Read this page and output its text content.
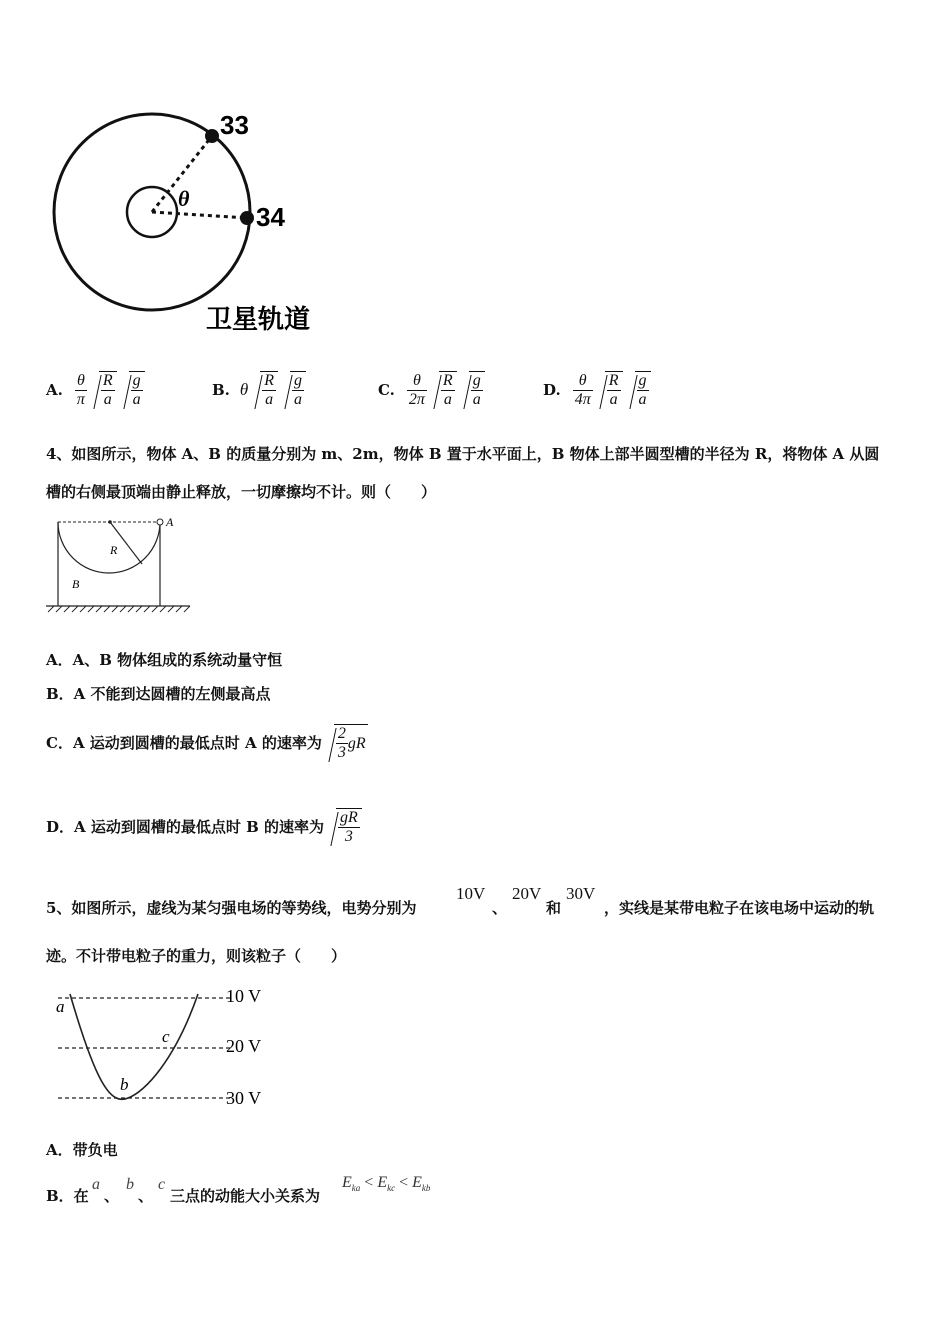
33
34
θ
卫星轨道
A. $\frac{\theta}{\pi} \frac{R}{a} \frac{g}{a}$	B. θ $\frac{R}{a} \frac{g}{a}$	C. $\frac{\theta}{2\pi} \frac{R}{a} \frac{g}{a}$	D. $\frac{\theta}{4\pi} \frac{R}{a} \frac{g}{a}$
4、如图所示，物体 A、B 的质量分别为 m、2m，物体 B 置于水平面上，B 物体上部半圆型槽的半径为 R，将物体 A 从圆
槽的右侧最顶端由静止释放，一切摩擦均不计。则（　　）
A
R
B
A．A、B 物体组成的系统动量守恒
B．A 不能到达圆槽的左侧最高点
C．A 运动到圆槽的最低点时 A 的速率为 $\frac{2}{3}$ gR
D．A 运动到圆槽的最低点时 B 的速率为 $\frac{gR}{3}$
5、如图所示，虚线为某匀强电场的等势线，电势分别为
10V
、
20V
和
30V
，实线是某带电粒子在该电场中运动的轨
迹。不计带电粒子的重力，则该粒子（　　）
10 V
20 V
30 V
a
b
c
A．带负电
B．在
a
、
b
、
c
三点的动能大小关系为
$E_{ka} < E_{kc} < E_{kb}$
